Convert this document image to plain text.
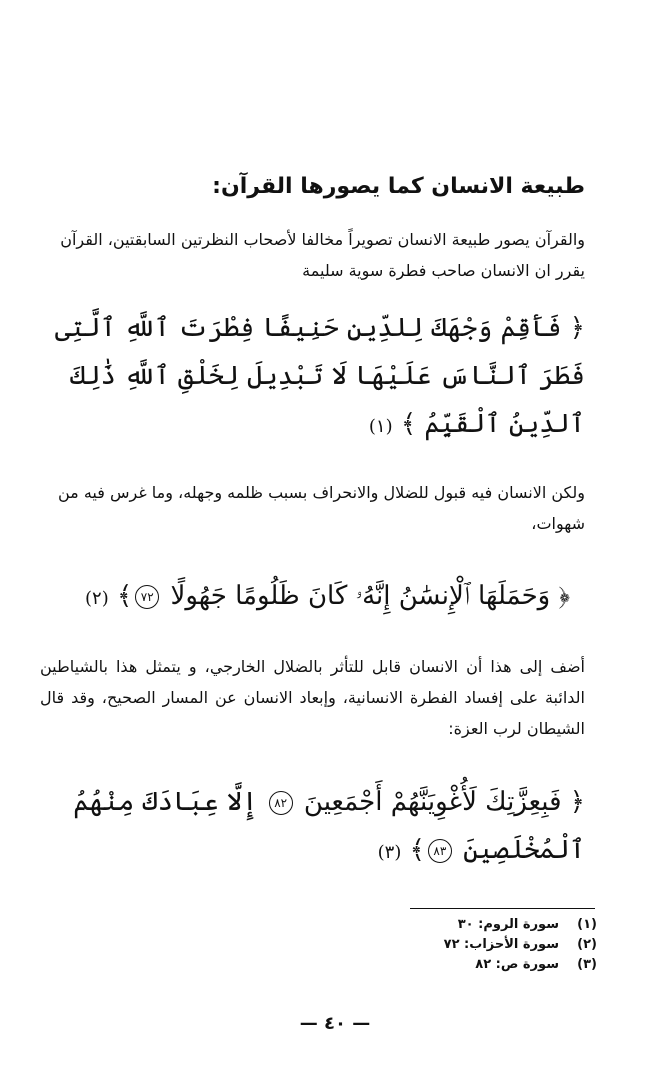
طبيعة الانسان كما يصورها القرآن:
والقرآن يصور طبيعة الانسان تصويراً مخالفا لأصحاب النظرتين السابقتين، القرآن يقرر ان الانسان صاحب فطرة سوية سليمة
﴿ فَأَقِمْ وَجْهَكَ لِلدِّينِ حَنِيفًا فِطْرَتَ ٱللَّهِ ٱلَّتِى فَطَرَ ٱلنَّاسَ عَلَيْهَا لَا تَبْدِيلَ لِخَلْقِ ٱللَّهِ ذَٰلِكَ ٱلدِّينُ ٱلْقَيِّمُ ﴾ (١)
ولكن الانسان فيه قبول للضلال والانحراف بسبب ظلمه وجهله، وما غرس فيه من شهوات،
﴿ وَحَمَلَهَا ٱلْإِنسَٰنُ إِنَّهُۥ كَانَ ظَلُومًا جَهُولًا ٧٢﴾ (٢)
أضف إلى هذا أن الانسان قابل للتأثر بالضلال الخارجي، و يتمثل هذا بالشياطين الدائبة على إفساد الفطرة الانسانية، وإبعاد الانسان عن المسار الصحيح، وقد قال الشيطان لرب العزة:
﴿ فَبِعِزَّتِكَ لَأُغْوِيَنَّهُمْ أَجْمَعِينَ ٨٢ إِلَّا عِبَادَكَ مِنْهُمُ ٱلْمُخْلَصِينَ ٨٣﴾ (٣)
(١)
سورة الروم: ٣٠
(٢)
سورة الأحزاب: ٧٢
(٣)
سورة ص: ٨٢
— ٤٠ —
